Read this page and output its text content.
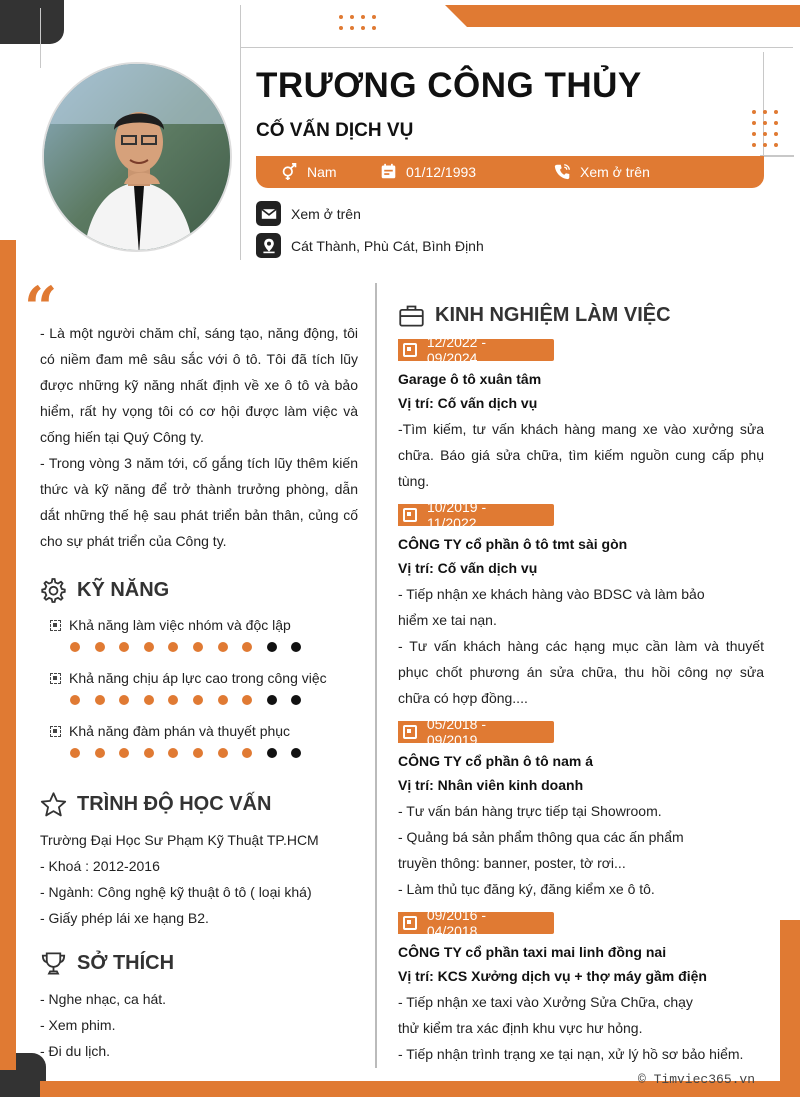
TRƯƠNG CÔNG THỦY
CỐ VẤN DỊCH VỤ
Nam	01/12/1993	Xem ở trên
Xem ở trên
Cát Thành, Phù Cát, Bình Định
“

- Là một người chăm chỉ, sáng tạo, năng động, tôi có niềm đam mê sâu sắc với ô tô. Tôi đã tích lũy được những kỹ năng nhất định về xe ô tô và bảo hiểm, rất hy vọng tôi có cơ hội được làm việc và cống hiến tại Quý Công ty.

- Trong vòng 3 năm tới, cố gắng tích lũy thêm kiến thức và kỹ năng để trở thành trưởng phòng, dẫn dắt những thế hệ sau phát triển bản thân, củng cố cho sự phát triển của Công ty.

KỸ NĂNG
Khả năng làm việc nhóm và độc lập
Khả năng chịu áp lực cao trong công việc
Khả năng đàm phán và thuyết phục
TRÌNH ĐỘ HỌC VẤN
Trường Đại Học Sư Phạm Kỹ Thuật TP.HCM
- Khoá : 2012-2016
- Ngành: Công nghệ kỹ thuật ô tô ( loại khá)
- Giấy phép lái xe hạng B2.
SỞ THÍCH
- Nghe nhạc, ca hát.
- Xem phim.
- Đi du lịch.
KINH NGHIỆM LÀM VIỆC
12/2022 - 09/2024
Garage ô tô xuân tâm
Vị trí: Cố vấn dịch vụ
-Tìm kiếm, tư vấn khách hàng mang xe vào xưởng sửa chữa. Báo giá sửa chữa, tìm kiếm nguồn cung cấp phụ tùng.
10/2019 - 11/2022
CÔNG TY cổ phần ô tô tmt sài gòn
Vị trí: Cố vấn dịch vụ
- Tiếp nhận xe khách hàng vào BDSC và làm bảo
hiểm xe tai nạn.
- Tư vấn khách hàng các hạng mục cần làm và thuyết phục chốt phương án sửa chữa, thu hồi công nợ sửa chữa có hợp đồng....
05/2018 - 09/2019
CÔNG TY cổ phần ô tô nam á
Vị trí: Nhân viên kinh doanh
- Tư vấn bán hàng trực tiếp tại Showroom.
- Quảng bá sản phẩm thông qua các ấn phẩm
truyền thông: banner, poster, tờ rơi...
- Làm thủ tục đăng ký, đăng kiểm xe ô tô.
09/2016 - 04/2018
CÔNG TY cổ phần taxi mai linh đồng nai
Vị trí: KCS Xưởng dịch vụ + thợ máy gầm điện
- Tiếp nhận xe taxi vào Xưởng Sửa Chữa, chạy
thử kiểm tra xác định khu vực hư hỏng.
- Tiếp nhận trình trạng xe tại nạn, xử lý hồ sơ bảo hiểm.
© Timviec365.vn
